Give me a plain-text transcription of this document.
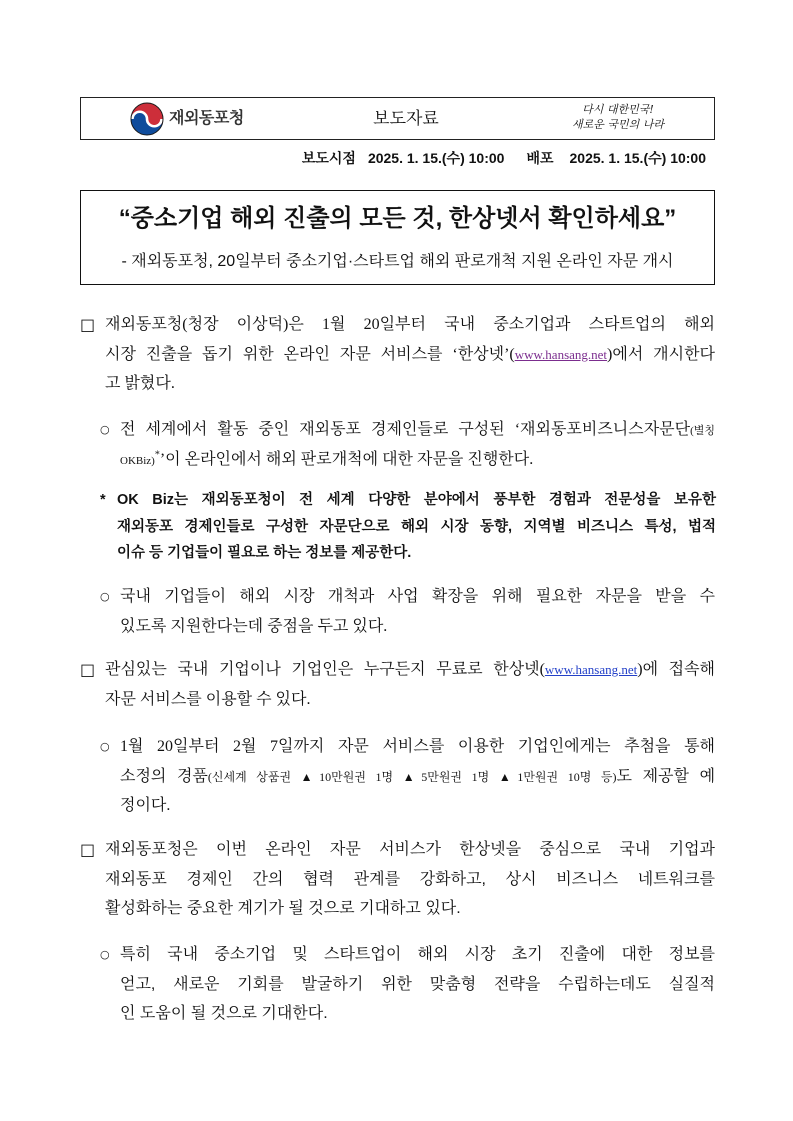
재외동포청	보도자료	다시 대한민국!
새로운 국민의 나라
보도시점 2025. 1. 15.(수) 10:00 배포 2025. 1. 15.(수) 10:00
“중소기업 해외 진출의 모든 것, 한상넷서 확인하세요”
- 재외동포청, 20일부터 중소기업·스타트업 해외 판로개척 지원 온라인 자문 개시
□ 재외동포청(청장 이상덕)은 1월 20일부터 국내 중소기업과 스타트업의 해외
시장 진출을 돕기 위한 온라인 자문 서비스를 ‘한상넷’(www.hansang.net)에서 개시한다
고 밝혔다.
○ 전 세계에서 활동 중인 재외동포 경제인들로 구성된 ‘재외동포비즈니스자문단(별칭
OKBiz)*’이 온라인에서 해외 판로개척에 대한 자문을 진행한다.
* OK Biz는 재외동포청이 전 세계 다양한 분야에서 풍부한 경험과 전문성을 보유한
재외동포 경제인들로 구성한 자문단으로 해외 시장 동향, 지역별 비즈니스 특성, 법적
이슈 등 기업들이 필요로 하는 정보를 제공한다.
○ 국내 기업들이 해외 시장 개척과 사업 확장을 위해 필요한 자문을 받을 수
있도록 지원한다는데 중점을 두고 있다.
□ 관심있는 국내 기업이나 기업인은 누구든지 무료로 한상넷(www.hansang.net)에 접속해
자문 서비스를 이용할 수 있다.
○ 1월 20일부터 2월 7일까지 자문 서비스를 이용한 기업인에게는 추첨을 통해
소정의 경품(신세계 상품권 ▲10만원권 1명 ▲5만원권 1명 ▲1만원권 10명 등)도 제공할 예
정이다.
□ 재외동포청은 이번 온라인 자문 서비스가 한상넷을 중심으로 국내 기업과
재외동포 경제인 간의 협력 관계를 강화하고, 상시 비즈니스 네트워크를
활성화하는 중요한 계기가 될 것으로 기대하고 있다.
○ 특히 국내 중소기업 및 스타트업이 해외 시장 초기 진출에 대한 정보를
얻고, 새로운 기회를 발굴하기 위한 맞춤형 전략을 수립하는데도 실질적
인 도움이 될 것으로 기대한다.
